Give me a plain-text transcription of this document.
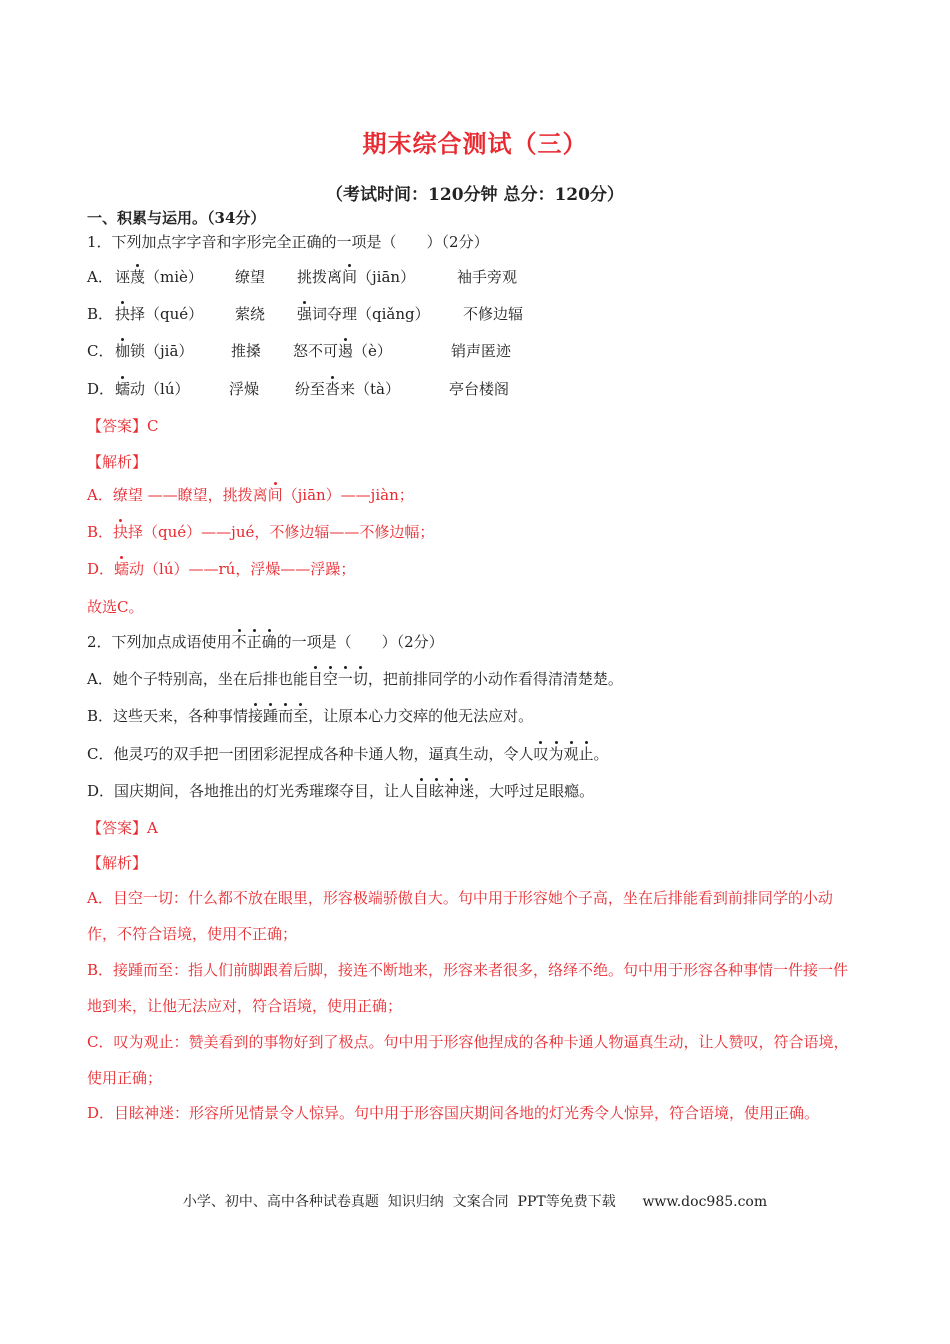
期末综合测试（三）
（考试时间：120分钟 总分：120分）
一、积累与运用。（34分）
1．下列加点字字音和字形完全正确的一项是（　　）（2分）
A． 诬蔑（miè） 缭望 挑拨离间（jiān）	袖手旁观
B． 抉择（qué） 萦绕 强词夺理（qiǎng） 不修边辐
C． 枷锁（jiā）	推搡 怒不可遏（è）	销声匿迹
D．蠕动（lú）	浮燥 纷至沓来（tà）	亭台楼阁
【答案】C
【解析】
A．缭望 ——瞭望，挑拨离间（jiān）——jiàn；
B．抉择（qué）——jué，不修边辐——不修边幅；
D．蠕动（lú）——rú，浮燥——浮躁；
故选C。
2．下列加点成语使用不正确的一项是（　　）（2分）
A．她个子特别高，坐在后排也能目空一切，把前排同学的小动作看得清清楚楚。
B．这些天来，各种事情接踵而至，让原本心力交瘁的他无法应对。
C．他灵巧的双手把一团团彩泥捏成各种卡通人物，逼真生动，令人叹为观止。
D．国庆期间，各地推出的灯光秀璀璨夺目，让人目眩神迷，大呼过足眼瘾。
【答案】A
【解析】
A．目空一切：什么都不放在眼里，形容极端骄傲自大。句中用于形容她个子高，坐在后排能看到前排同学的小动作，不符合语境，使用不正确；
B．接踵而至：指人们前脚跟着后脚，接连不断地来，形容来者很多，络绎不绝。句中用于形容各种事情一件接一件地到来，让他无法应对，符合语境，使用正确；
C．叹为观止：赞美看到的事物好到了极点。句中用于形容他捏成的各种卡通人物逼真生动，让人赞叹，符合语境，使用正确；
D．目眩神迷：形容所见情景令人惊异。句中用于形容国庆期间各地的灯光秀令人惊异，符合语境，使用正确。
小学、初中、高中各种试卷真题  知识归纳  文案合同  PPT等免费下载      www.doc985.com
